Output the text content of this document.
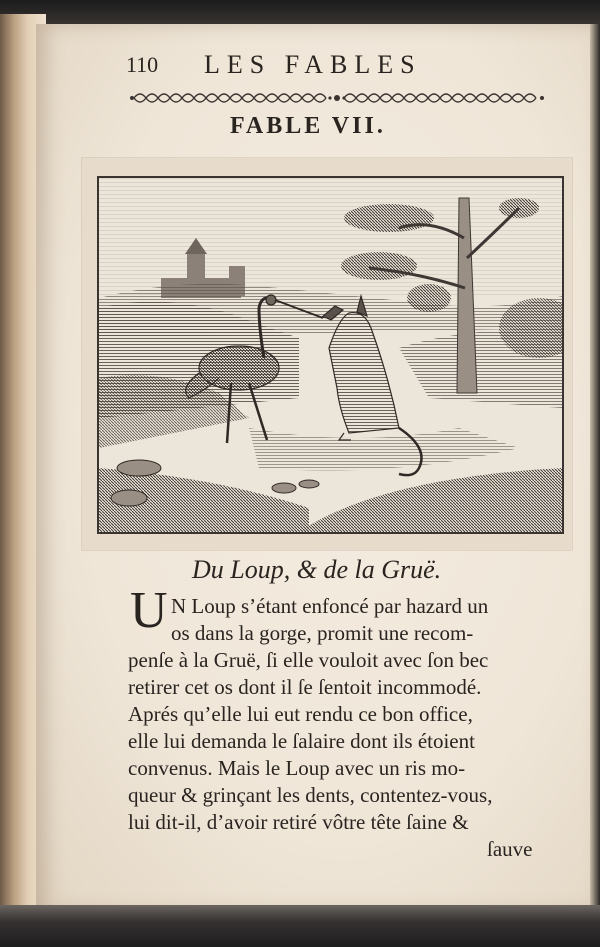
110 LES FABLES
FABLE VII.
Du Loup, & de la Gruë.
U N Loup s’étant enfoncé par hazard un
os dans la gorge, promit une recom-
penſe à la Gruë, ſi elle vouloit avec ſon bec
retirer cet os dont il ſe ſentoit incommodé.
Aprés qu’elle lui eut rendu ce bon office,
elle lui demanda le ſalaire dont ils étoient
convenus. Mais le Loup avec un ris mo-
queur & grinçant les dents, contentez-vous,
lui dit-il, d’avoir retiré vôtre tête ſaine &
ſauve
